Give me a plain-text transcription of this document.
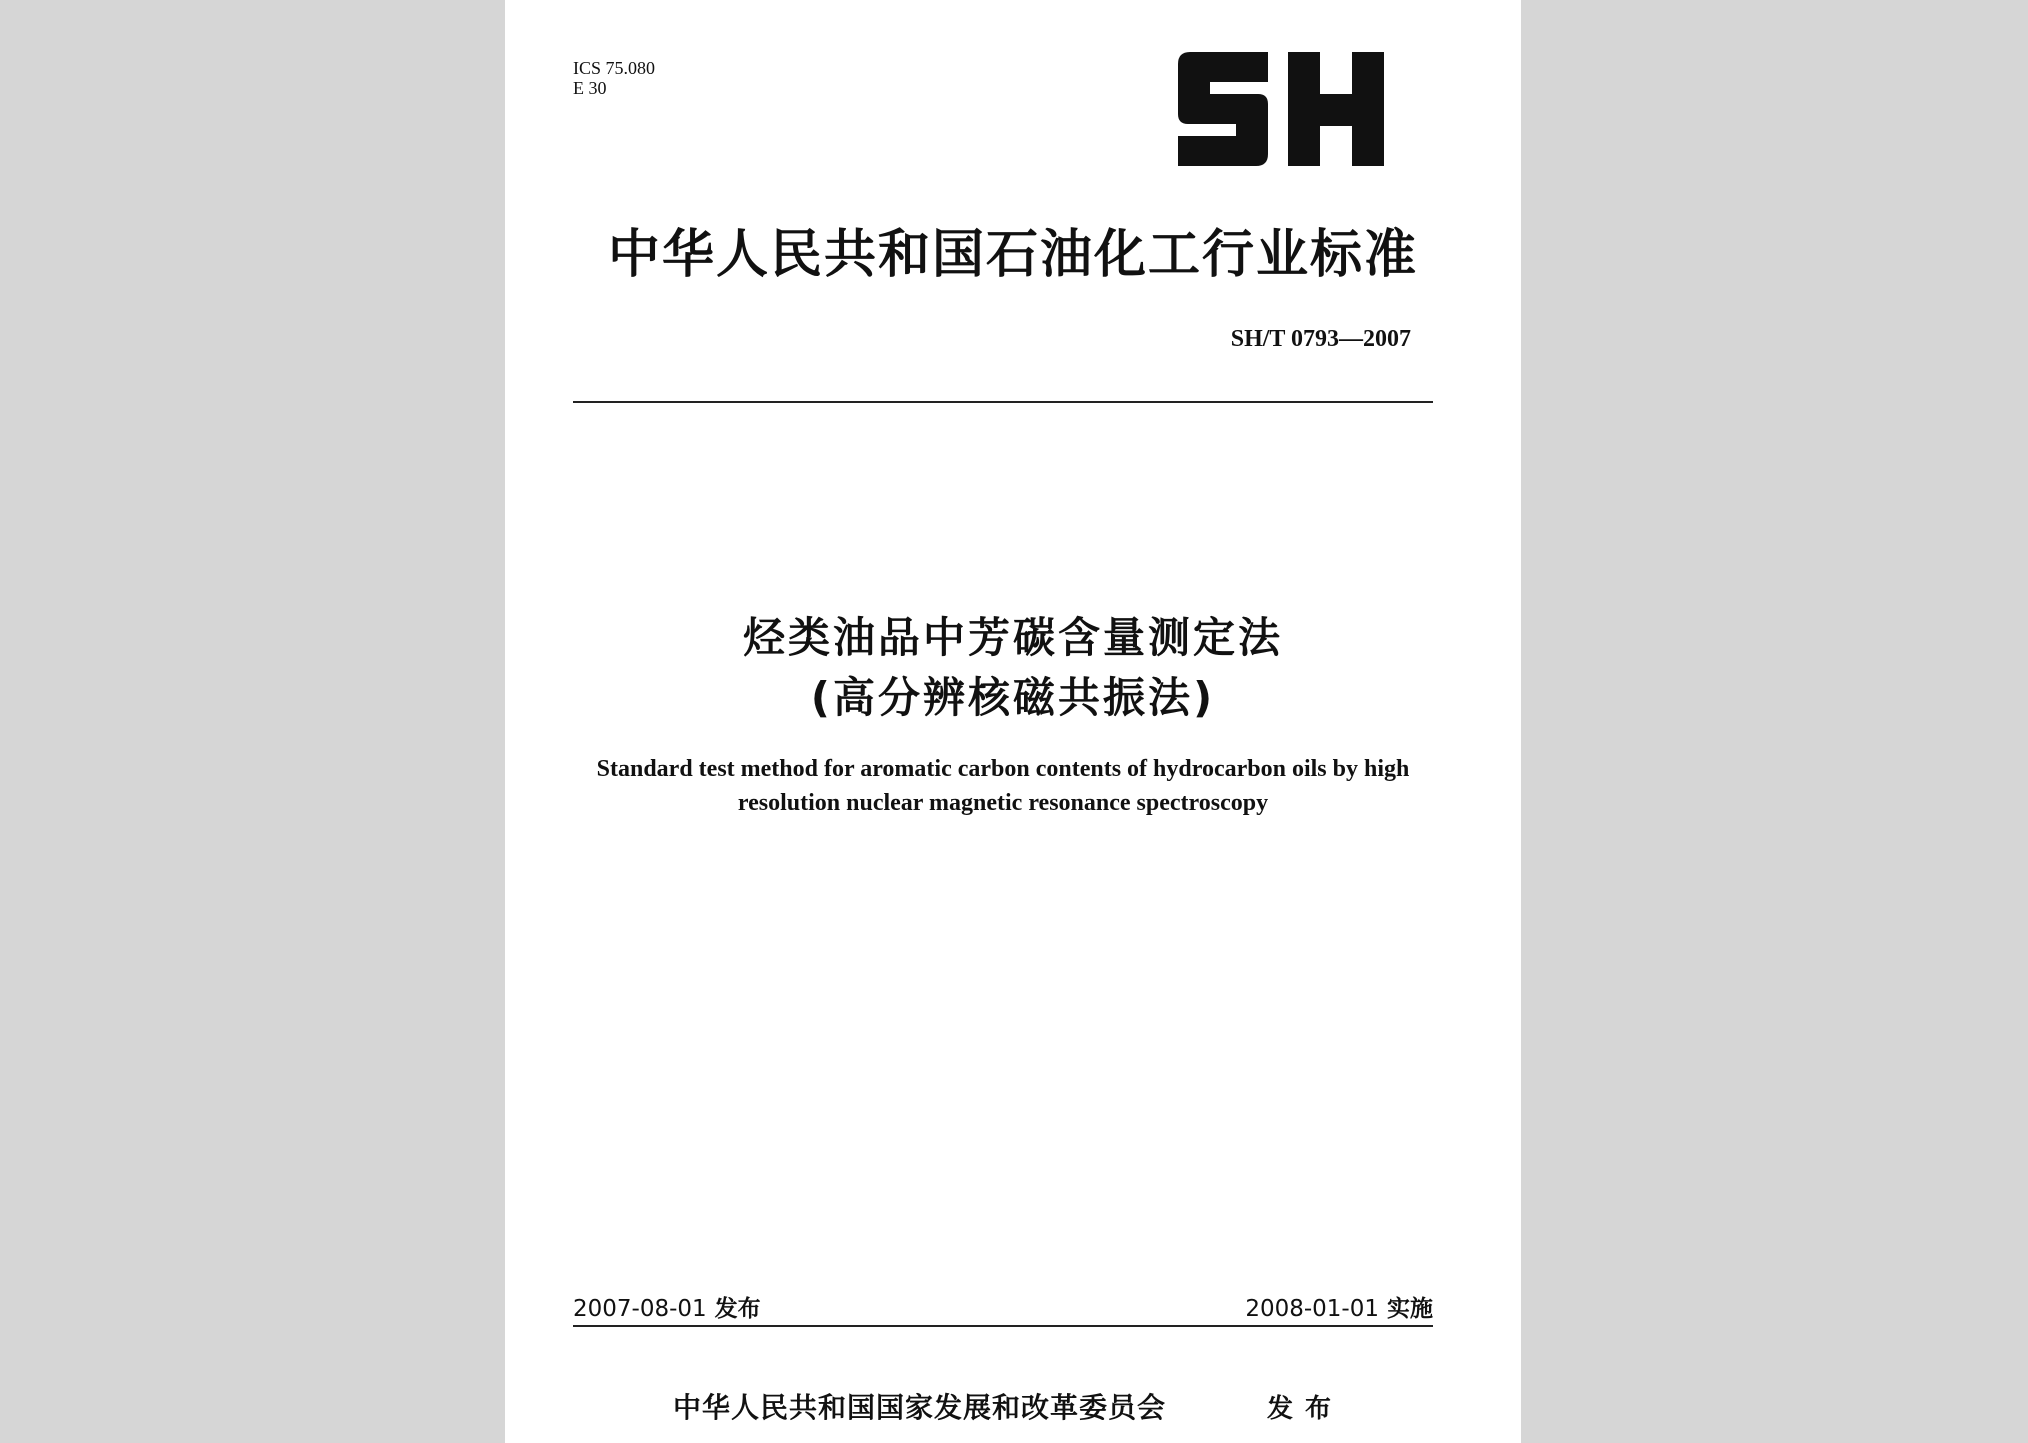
ICS 75.080
E 30
中华人民共和国石油化工行业标准
SH/T 0793—2007
烃类油品中芳碳含量测定法
(高分辨核磁共振法)
Standard test method for aromatic carbon contents of hydrocarbon oils by high resolution nuclear magnetic resonance spectroscopy
2007-08-01 发布	2008-01-01 实施
中华人民共和国国家发展和改革委员会	发布
